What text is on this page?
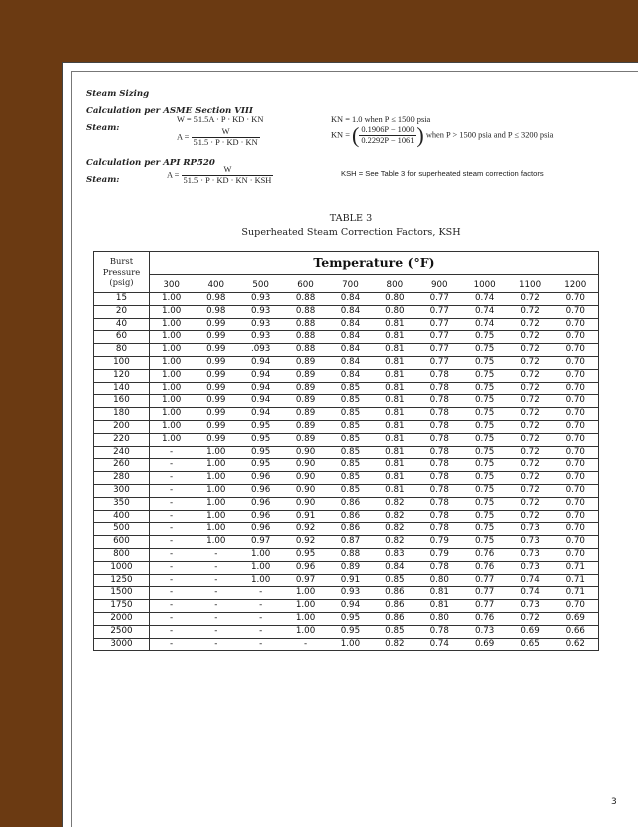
Steam Sizing
Calculation per ASME Section VIII
Steam:
W = 51.5A · P · KD · KN
$A = \frac{W}{51.5 \cdot P \cdot KD \cdot KN}$
Calculation per API RP520
Steam:
$A = \frac{W}{\text{51.5 · P · KD · KN · KSH}}$
KN = 1.0 when P ≤ 1500 psia
KN = ( $\frac{0.1906P - 1000}{0.2292P - 1061}$ ) when P > 1500 psia and P ≤ 3200 psia
KSH = See Table 3 for superheated steam correction factors
TABLE 3
Superheated Steam Correction Factors, KSH
Burst
Pressure
(psig)	Temperature (°F)									
	300	400	500	600	700	800	900	1000	1100	1200
15	1.00	0.98	0.93	0.88	0.84	0.80	0.77	0.74	0.72	0.70
20	1.00	0.98	0.93	0.88	0.84	0.80	0.77	0.74	0.72	0.70
40	1.00	0.99	0.93	0.88	0.84	0.81	0.77	0.74	0.72	0.70
60	1.00	0.99	0.93	0.88	0.84	0.81	0.77	0.75	0.72	0.70
80	1.00	0.99	.093	0.88	0.84	0.81	0.77	0.75	0.72	0.70
100	1.00	0.99	0.94	0.89	0.84	0.81	0.77	0.75	0.72	0.70
120	1.00	0.99	0.94	0.89	0.84	0.81	0.78	0.75	0.72	0.70
140	1.00	0.99	0.94	0.89	0.85	0.81	0.78	0.75	0.72	0.70
160	1.00	0.99	0.94	0.89	0.85	0.81	0.78	0.75	0.72	0.70
180	1.00	0.99	0.94	0.89	0.85	0.81	0.78	0.75	0.72	0.70
200	1.00	0.99	0.95	0.89	0.85	0.81	0.78	0.75	0.72	0.70
220	1.00	0.99	0.95	0.89	0.85	0.81	0.78	0.75	0.72	0.70
240	-	1.00	0.95	0.90	0.85	0.81	0.78	0.75	0.72	0.70
260	-	1.00	0.95	0.90	0.85	0.81	0.78	0.75	0.72	0.70
280	-	1.00	0.96	0.90	0.85	0.81	0.78	0.75	0.72	0.70
300	-	1.00	0.96	0.90	0.85	0.81	0.78	0.75	0.72	0.70
350	-	1.00	0.96	0.90	0.86	0.82	0.78	0.75	0.72	0.70
400	-	1.00	0.96	0.91	0.86	0.82	0.78	0.75	0.72	0.70
500	-	1.00	0.96	0.92	0.86	0.82	0.78	0.75	0.73	0.70
600	-	1.00	0.97	0.92	0.87	0.82	0.79	0.75	0.73	0.70
800	-	-	1.00	0.95	0.88	0.83	0.79	0.76	0.73	0.70
1000	-	-	1.00	0.96	0.89	0.84	0.78	0.76	0.73	0.71
1250	-	-	1.00	0.97	0.91	0.85	0.80	0.77	0.74	0.71
1500	-	-	-	1.00	0.93	0.86	0.81	0.77	0.74	0.71
1750	-	-	-	1.00	0.94	0.86	0.81	0.77	0.73	0.70
2000	-	-	-	1.00	0.95	0.86	0.80	0.76	0.72	0.69
2500	-	-	-	1.00	0.95	0.85	0.78	0.73	0.69	0.66
3000	-	-	-	-	1.00	0.82	0.74	0.69	0.65	0.62
3
